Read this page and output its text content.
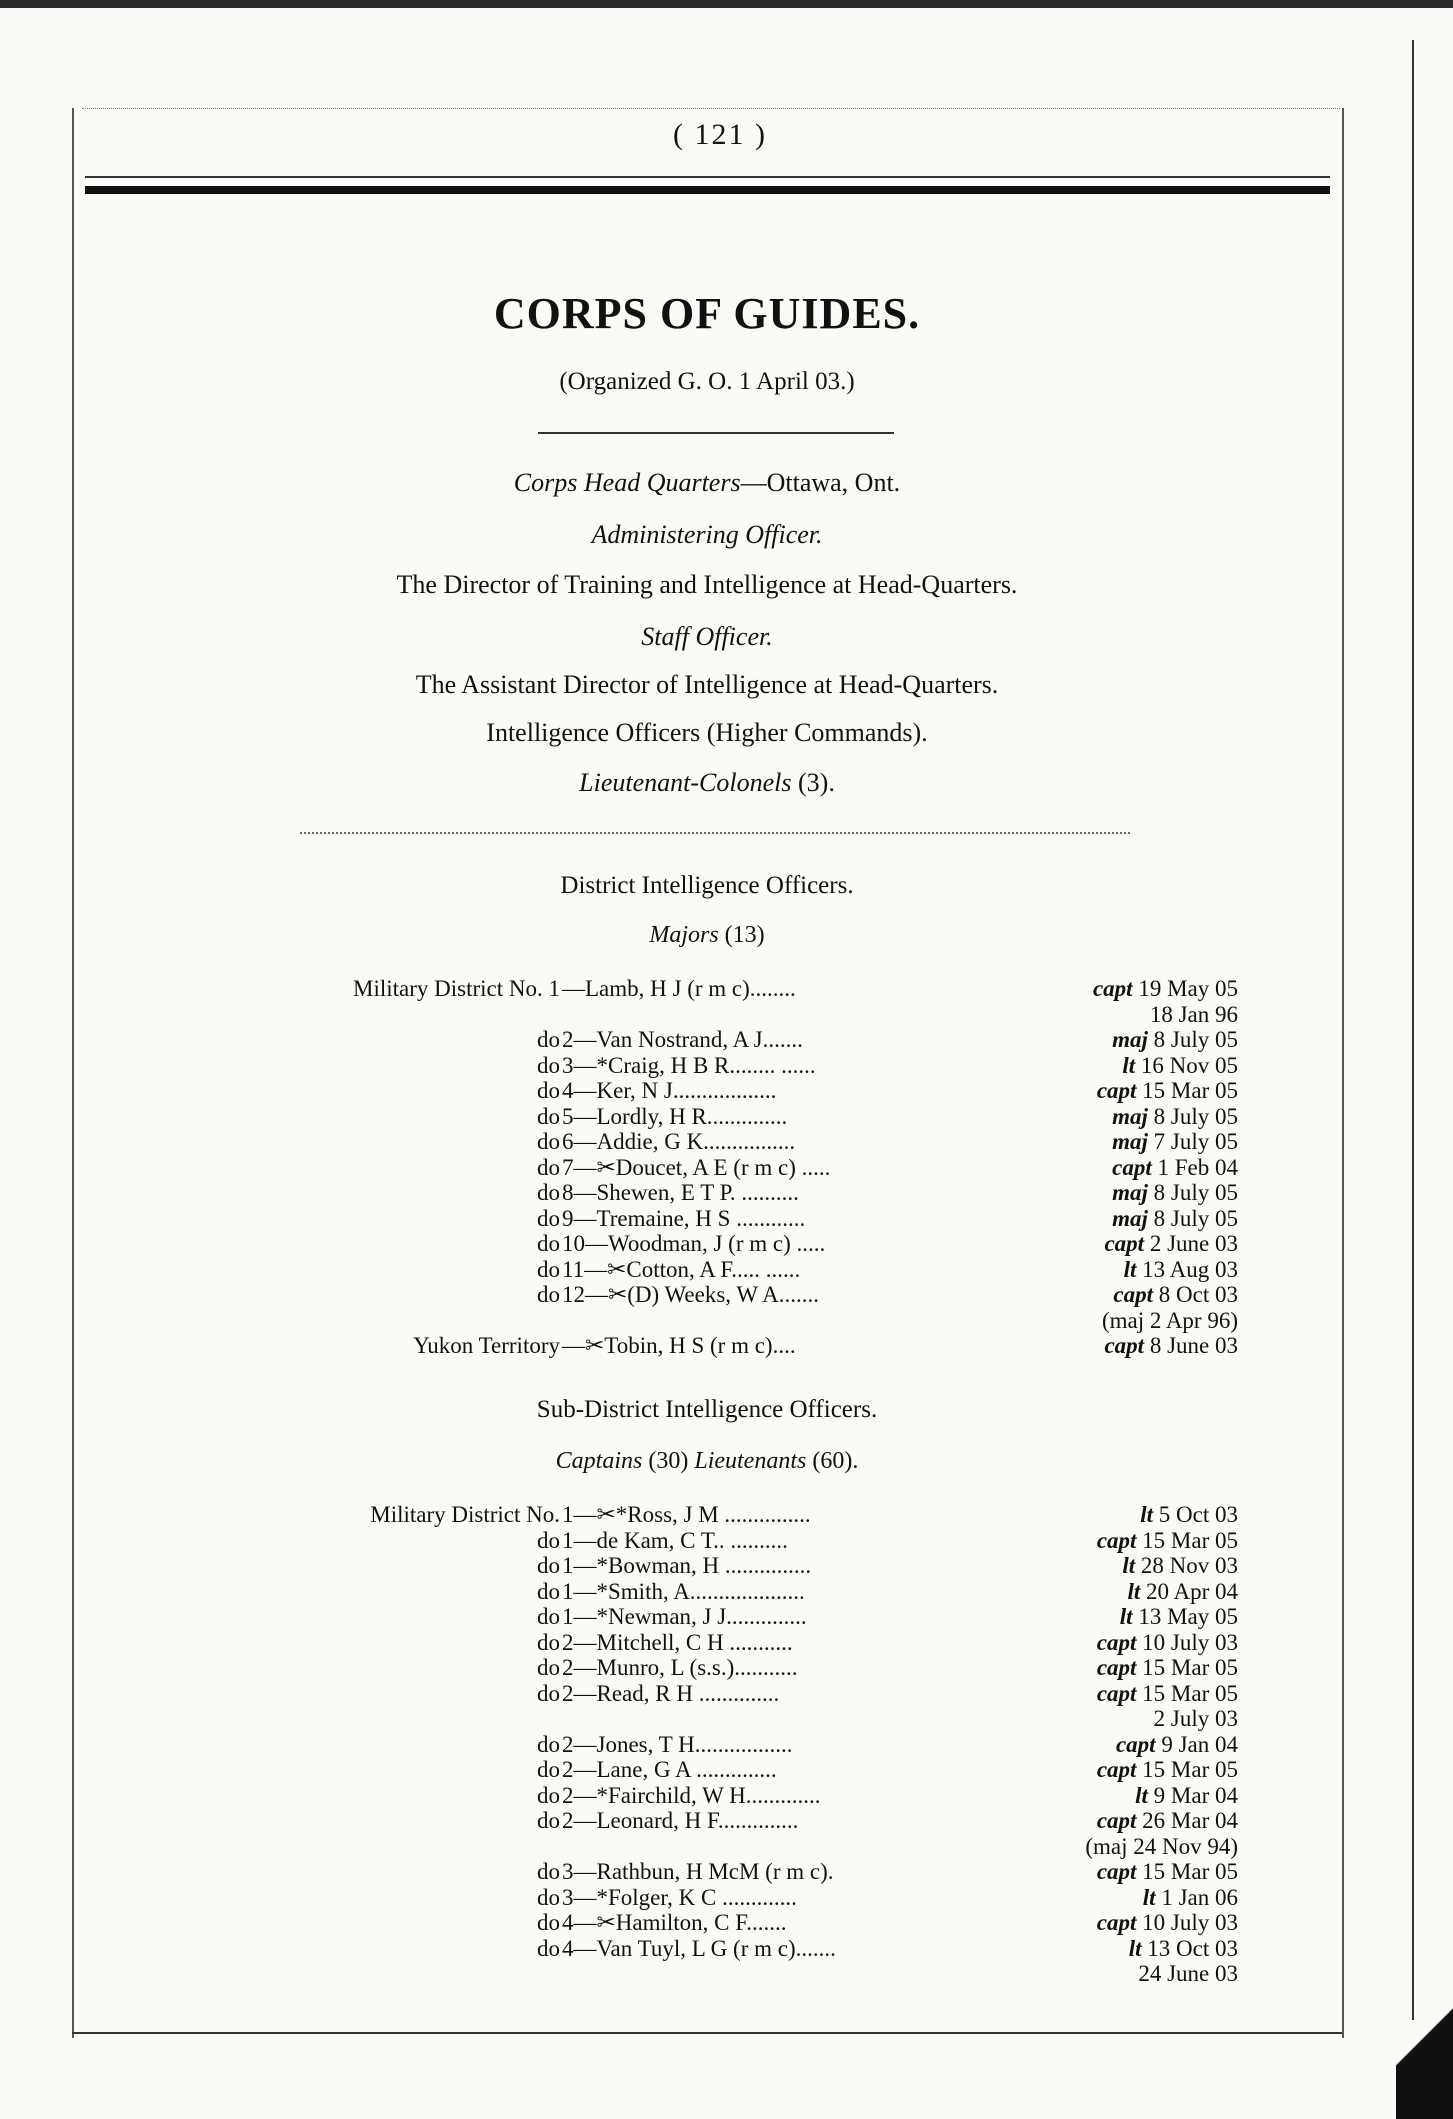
( 121 )
CORPS OF GUIDES.
(Organized G. O. 1 April 03.)
Corps Head Quarters—Ottawa, Ont.
Administering Officer.
The Director of Training and Intelligence at Head-Quarters.
Staff Officer.
The Assistant Director of Intelligence at Head-Quarters.
Intelligence Officers (Higher Commands).
Lieutenant-Colonels (3).
District Intelligence Officers.
Majors (13)
Military District No. 1 —Lamb, H J (r m c)........	capt 19 May 05
18 Jan 96
do 2—Van Nostrand, A J.......	maj 8 July 05
do 3—*Craig, H B R........ ......	lt 16 Nov 05
do 4—Ker, N J..................	capt 15 Mar 05
do 5—Lordly, H R..............	maj 8 July 05
do 6—Addie, G K................	maj 7 July 05
do 7—✂Doucet, A E (r m c) .....	capt 1 Feb 04
do 8—Shewen, E T P. ..........	maj 8 July 05
do 9—Tremaine, H S ............	maj 8 July 05
do 10—Woodman, J (r m c) .....	capt 2 June 03
do 11—✂Cotton, A F..... ......	lt 13 Aug 03
do 12—✂(D) Weeks, W A.......	capt 8 Oct 03
(maj 2 Apr 96)
Yukon Territory —✂Tobin, H S (r m c)....	capt 8 June 03
Sub-District Intelligence Officers.
Captains (30) Lieutenants (60).
Military District No. 1—✂*Ross, J M ...............	lt 5 Oct 03
do 1—de Kam, C T.. ..........	capt 15 Mar 05
do 1—*Bowman, H ...............	lt 28 Nov 03
do 1—*Smith, A....................	lt 20 Apr 04
do 1—*Newman, J J..............	lt 13 May 05
do 2—Mitchell, C H ...........	capt 10 July 03
do 2—Munro, L (s.s.)...........	capt 15 Mar 05
do 2—Read, R H ..............	capt 15 Mar 05
2 July 03
do 2—Jones, T H.................	capt 9 Jan 04
do 2—Lane, G A ..............	capt 15 Mar 05
do 2—*Fairchild, W H.............	lt 9 Mar 04
do 2—Leonard, H F..............	capt 26 Mar 04
(maj 24 Nov 94)
do 3—Rathbun, H McM (r m c).	capt 15 Mar 05
do 3—*Folger, K C .............	lt 1 Jan 06
do 4—✂Hamilton, C F.......	capt 10 July 03
do 4—Van Tuyl, L G (r m c).......	lt 13 Oct 03
24 June 03
